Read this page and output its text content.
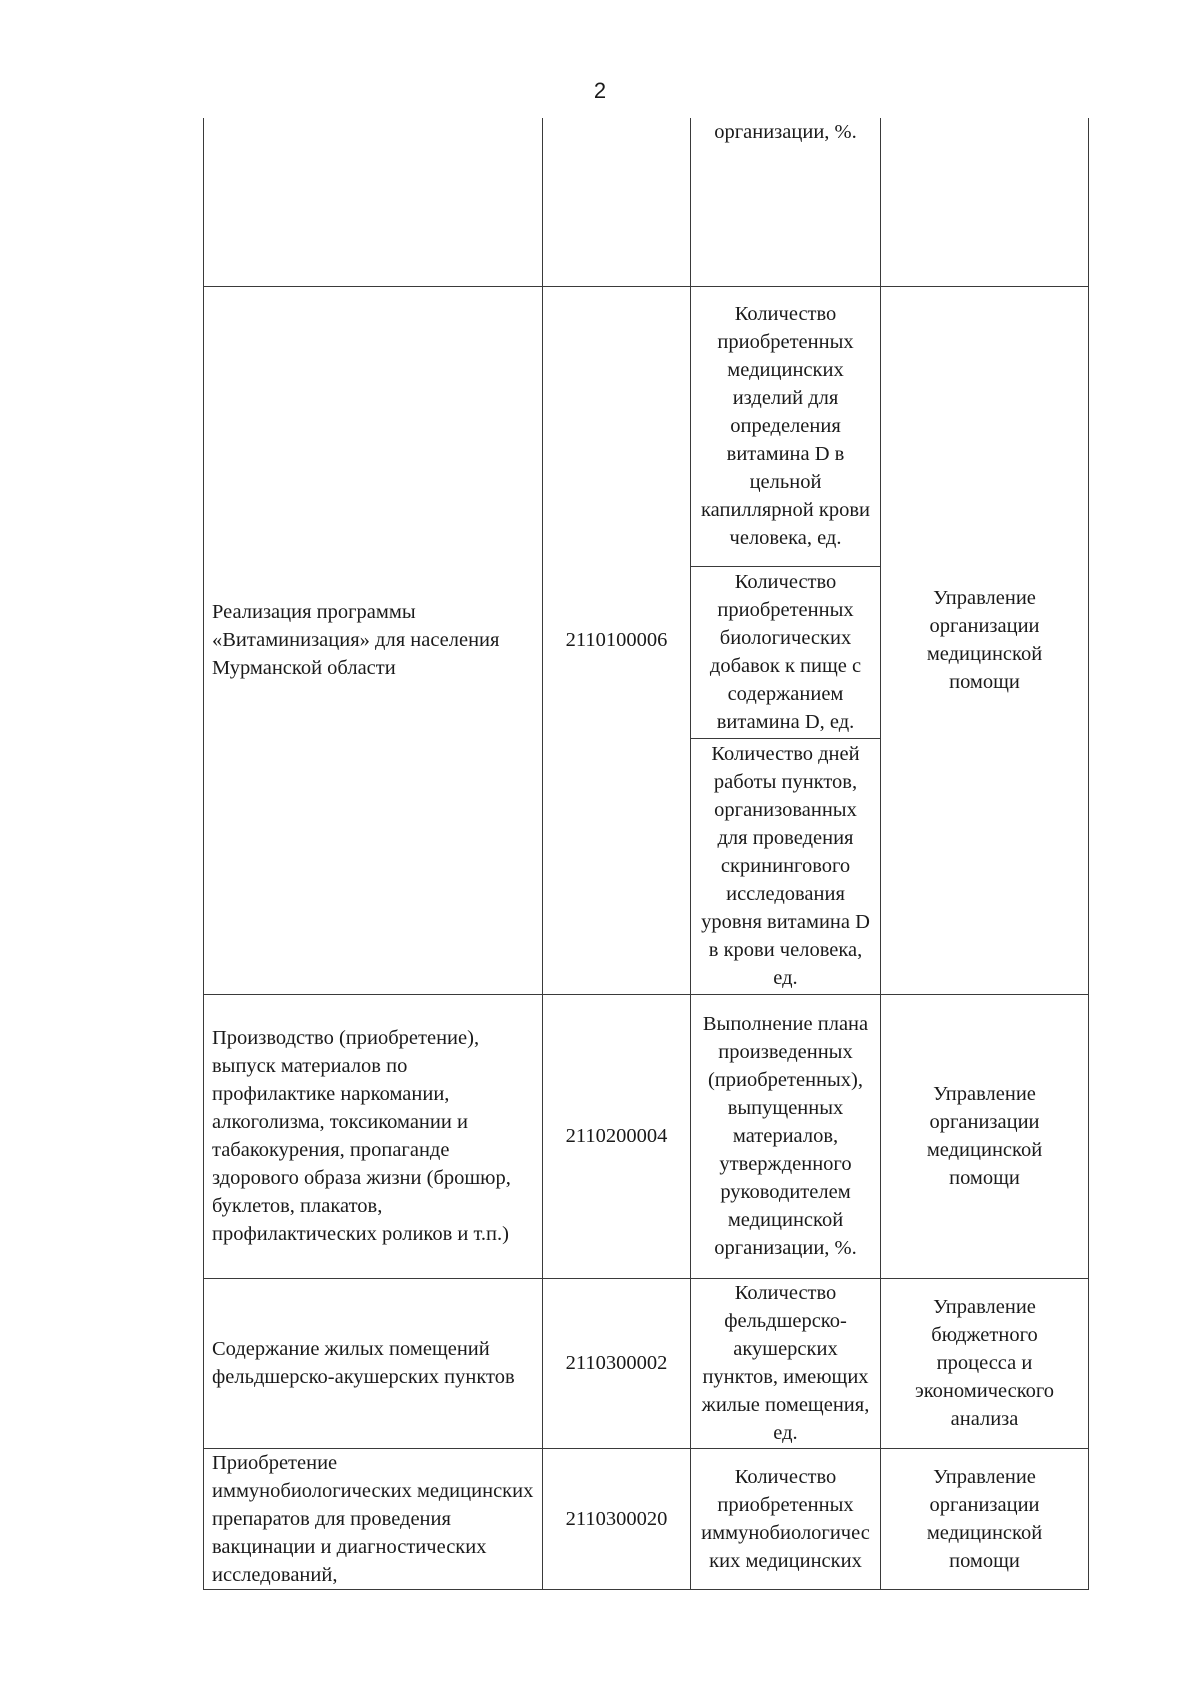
2
		организации, %.	
Реализация программы «Витаминизация» для населения Мурманской области	2110100006	Количество приобретенных медицинских изделий для определения витамина D в цельной капиллярной крови человека, ед.	Управление организации медицинской помощи
		Количество приобретенных биологических добавок к пище с содержанием витамина D, ед.	
		Количество дней работы пунктов, организованных для проведения скринингового исследования уровня витамина D в крови человека, ед.	
Производство (приобретение), выпуск материалов по профилактике наркомании, алкоголизма, токсикомании и табакокурения, пропаганде здорового образа жизни (брошюр, буклетов, плакатов, профилактических роликов и т.п.)	2110200004	Выполнение плана произведенных (приобретенных), выпущенных материалов, утвержденного руководителем медицинской организации, %.	Управление организации медицинской помощи
Содержание жилых помещений фельдшерско-акушерских пунктов	2110300002	Количество фельдшерско-акушерских пунктов, имеющих жилые помещения, ед.	Управление бюджетного процесса и экономического анализа
Приобретение иммунобиологических медицинских препаратов для проведения вакцинации и диагностических исследований,	2110300020	Количество приобретенных иммунобиологических медицинских	Управление организации медицинской помощи
